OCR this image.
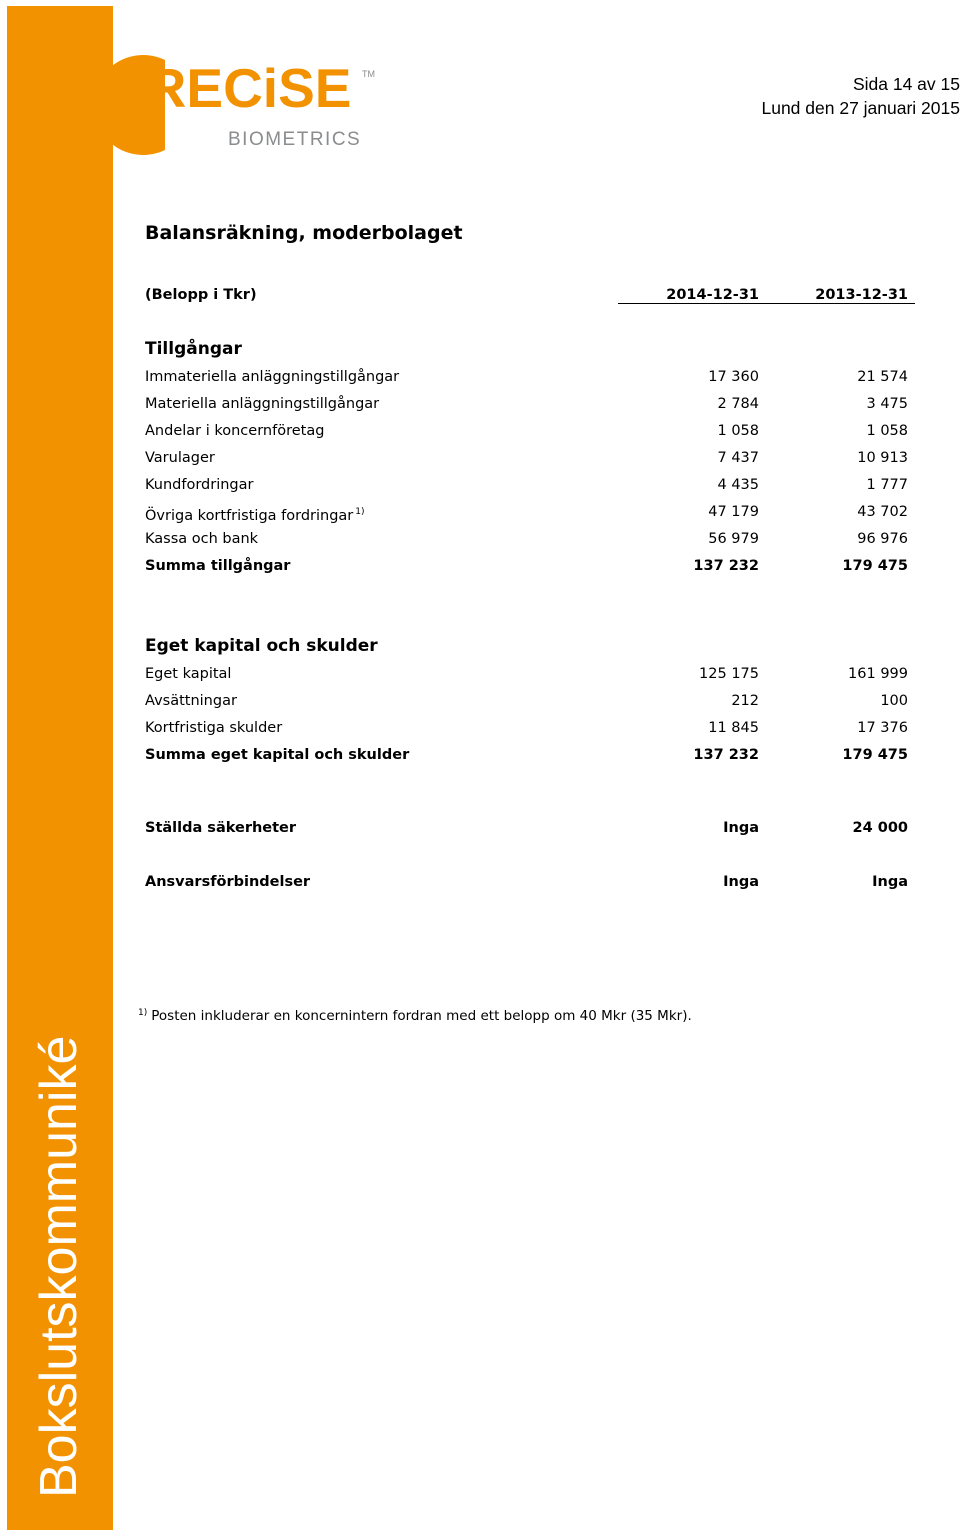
Bokslutskommuniké
PRECiSE TM
BIOMETRICS
Sida 14 av 15
Lund den 27 januari 2015
Balansräkning, moderbolaget
(Belopp i Tkr)	2014-12-31	2013-12-31
Tillgångar
Immateriella anläggningstillgångar	17 360	21 574
Materiella anläggningstillgångar	2 784	3 475
Andelar i koncernföretag	1 058	1 058
Varulager	7 437	10 913
Kundfordringar	4 435	1 777
Övriga kortfristiga fordringar $^{1)}$	47 179	43 702
Kassa och bank	56 979	96 976
Summa tillgångar	137 232	179 475
Eget kapital och skulder
Eget kapital	125 175	161 999
Avsättningar	212	100
Kortfristiga skulder	11 845	17 376
Summa eget kapital och skulder	137 232	179 475
Ställda säkerheter	Inga	24 000
Ansvarsförbindelser	Inga	Inga
$^{1)}$ Posten inkluderar en koncernintern fordran med ett belopp om 40 Mkr (35 Mkr).
